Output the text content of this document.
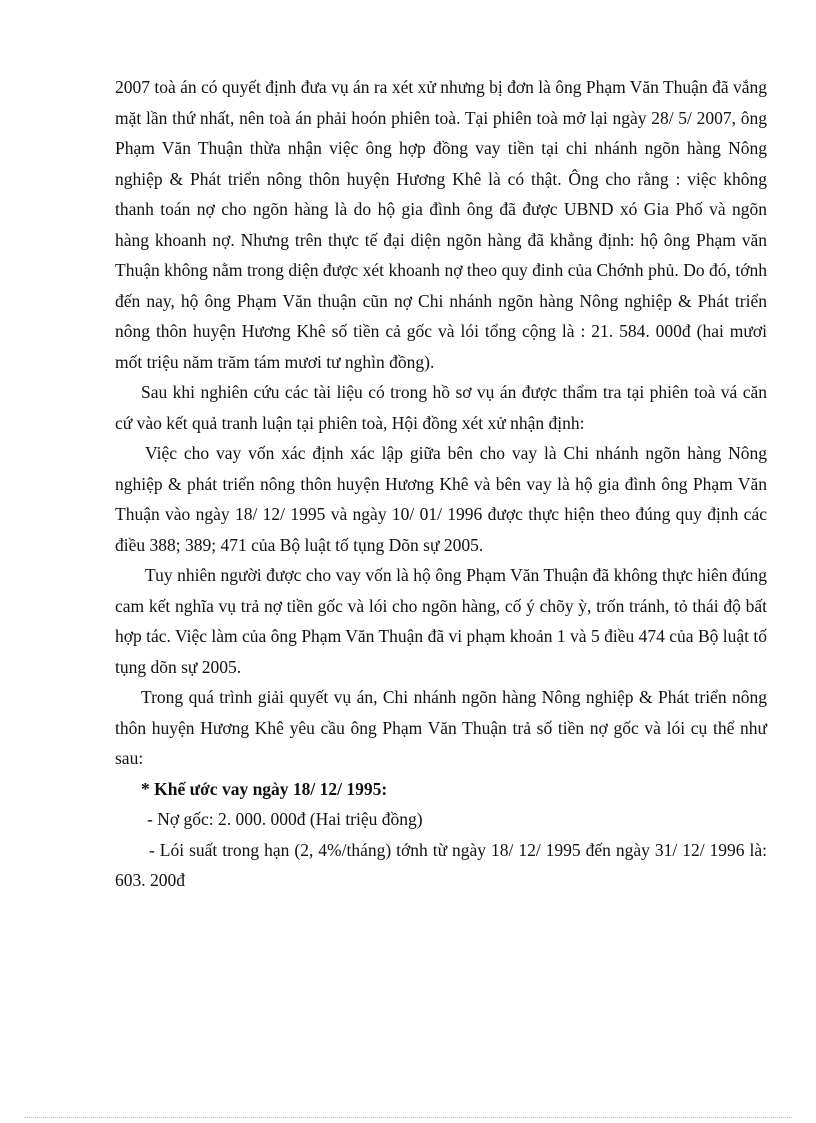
2007 toà án có quyết định đưa vụ án ra xét xử nhưng bị đơn là ông Phạm Văn Thuận đã vắng mặt lần thứ nhất, nên toà án phải hoón phiên toà. Tại phiên toà mở lại ngày 28/ 5/ 2007, ông Phạm Văn Thuận thừa nhận việc ông hợp đồng vay tiền tại chi nhánh ngõn hàng Nông nghiệp & Phát triển nông thôn huyện Hương Khê là có thật. Ông cho rằng : việc không thanh toán nợ cho ngõn hàng là do hộ gia đình ông đã được UBND xó Gia Phố và ngõn hàng khoanh nợ. Nhưng trên thực tế đại diện ngõn hàng đã khẳng định: hộ ông Phạm văn Thuận không nằm trong diện được xét khoanh nợ theo quy đinh của Chớnh phủ. Do đó, tớnh đến nay, hộ ông Phạm Văn thuận cũn nợ Chi nhánh ngõn hàng Nông nghiệp & Phát triển nông thôn huyện Hương Khê số tiền cả gốc và lói tổng cộng là : 21. 584. 000đ (hai mươi mốt triệu năm trăm tám mươi tư nghìn đồng).

Sau khi nghiên cứu các tài liệu có trong hồ sơ vụ án được thẩm tra tại phiên toà vá căn cứ vào kết quả tranh luận tại phiên toà, Hội đồng xét xử nhận định:

Việc cho vay vốn xác định xác lập giữa bên cho vay là Chi nhánh ngõn hàng Nông nghiệp & phát triển nông thôn huyện Hương Khê và bên vay là hộ gia đình ông Phạm Văn Thuận vào ngày 18/ 12/ 1995 và ngày 10/ 01/ 1996 được thực hiện theo đúng quy định các điều 388; 389; 471 của Bộ luật tố tụng Dõn sự 2005.

Tuy nhiên người được cho vay vốn là hộ ông Phạm Văn Thuận đã không thực hiên đúng cam kết nghĩa vụ trả nợ tiền gốc và lói cho ngõn hàng, cố ý chõy ỳ, trốn tránh, tỏ thái độ bất hợp tác. Việc làm của ông Phạm Văn Thuận đã vi phạm khoản 1 và 5 điều 474 của Bộ luật tố tụng dõn sự 2005.

Trong quá trình giải quyết vụ án, Chi nhánh ngõn hàng Nông nghiệp & Phát triển nông thôn huyện Hương Khê yêu cầu ông Phạm Văn Thuận trả số tiền nợ gốc và lói cụ thể như sau:

* Khế ước vay ngày 18/ 12/ 1995:

- Nợ gốc: 2. 000. 000đ (Hai triệu đồng)

- Lói suất trong hạn (2, 4%/tháng) tớnh từ ngày 18/ 12/ 1995 đến ngày 31/ 12/ 1996 là: 603. 200đ
